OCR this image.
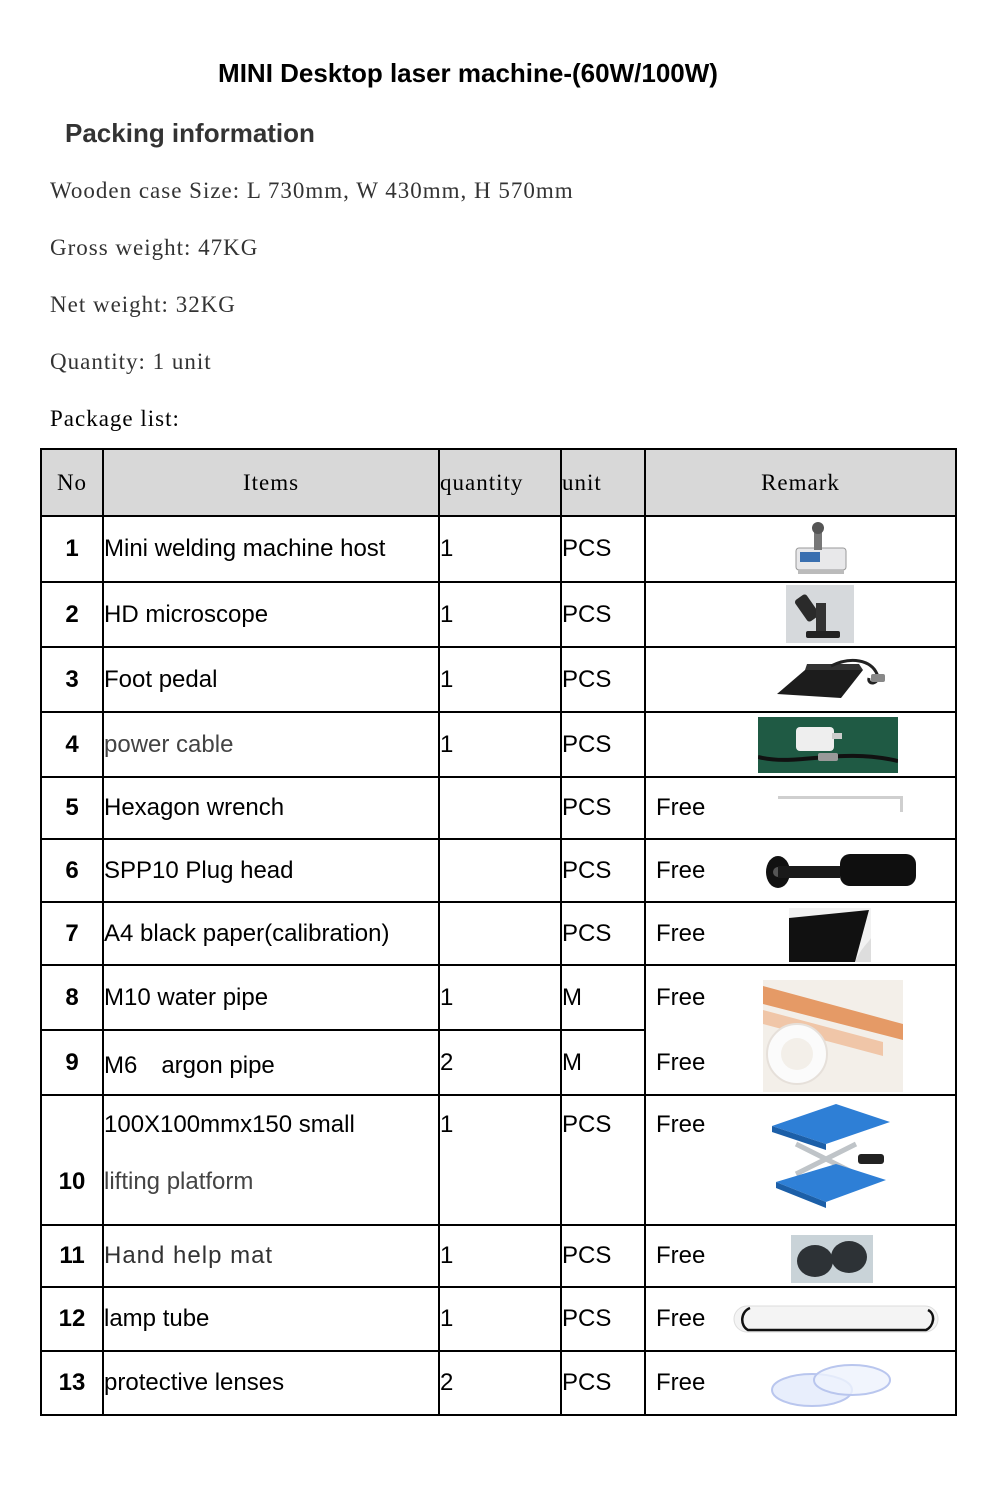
MINI Desktop laser machine-(60W/100W)
Packing information
Wooden case Size: L 730mm, W 430mm, H 570mm
Gross weight: 47KG
Net weight: 32KG
Quantity: 1 unit
Package list:
No	Items	quantity	unit	Remark
1	Mini welding machine host	1	PCS	

2	HD microscope	1	PCS	

3	Foot pedal	1	PCS	

4	power cable	1	PCS	

5	Hexagon wrench		PCS	Free

6	SPP10 Plug head		PCS	Free

7	A4 black paper(calibration)		PCS	Free

8	M10 water pipe	1	M	Free

9	M6　argon pipe	2	M	Free
10	100X100mmx150 small
lifting platform	1	PCS	Free

11	Hand help mat	1	PCS	Free

12	lamp tube	1	PCS	Free

13	protective lenses	2	PCS	Free
